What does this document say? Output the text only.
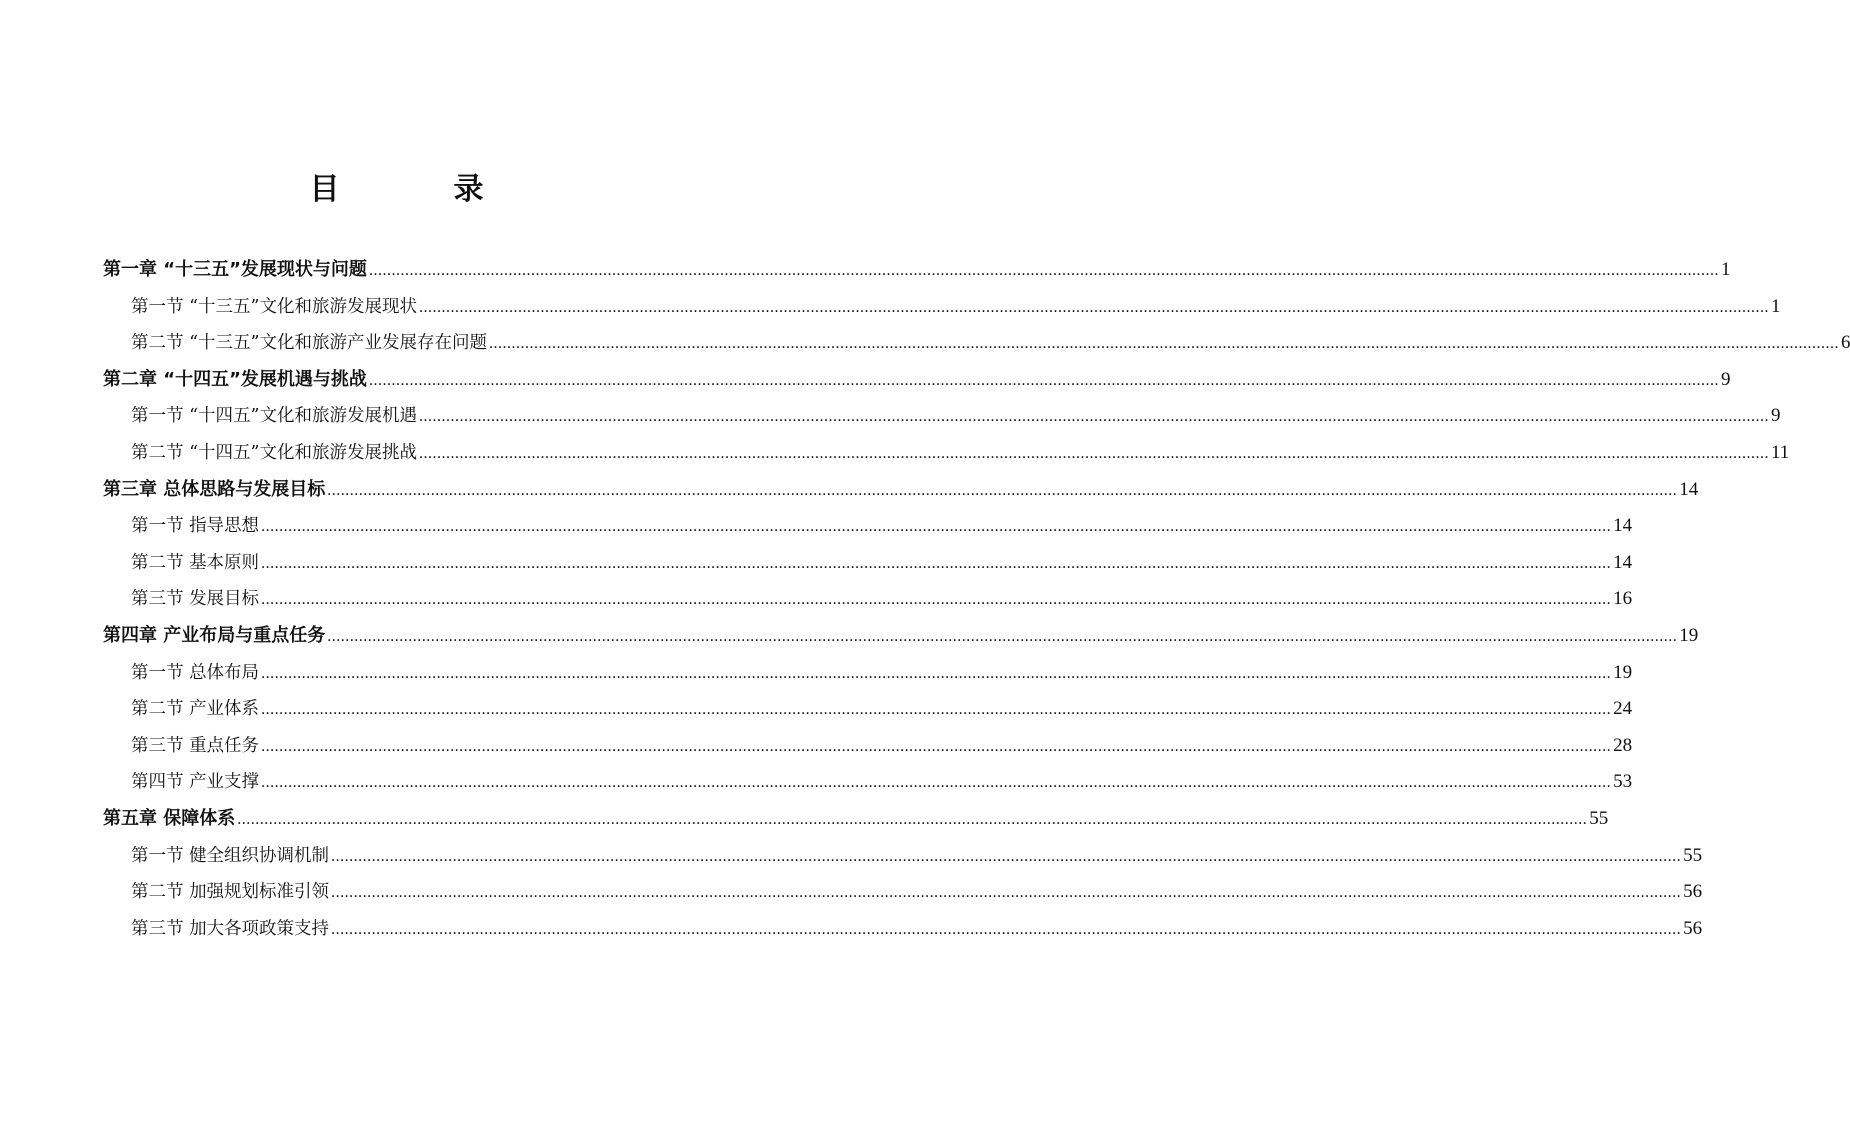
目　录
第一章 “十三五”发展现状与问题 ............................................................................................................................................................................................................................................................................................................ 1
第一节 “十三五”文化和旅游发展现状 ............................................................................................................................................................................................................................................................................................................ 1
第二节 “十三五”文化和旅游产业发展存在问题 ............................................................................................................................................................................................................................................................................................................ 6
第二章 “十四五”发展机遇与挑战 ............................................................................................................................................................................................................................................................................................................ 9
第一节 “十四五”文化和旅游发展机遇 ............................................................................................................................................................................................................................................................................................................ 9
第二节 “十四五”文化和旅游发展挑战 ............................................................................................................................................................................................................................................................................................................ 11
第三章 总体思路与发展目标 ............................................................................................................................................................................................................................................................................................................ 14
第一节 指导思想 ............................................................................................................................................................................................................................................................................................................ 14
第二节 基本原则 ............................................................................................................................................................................................................................................................................................................ 14
第三节 发展目标 ............................................................................................................................................................................................................................................................................................................ 16
第四章 产业布局与重点任务 ............................................................................................................................................................................................................................................................................................................ 19
第一节 总体布局 ............................................................................................................................................................................................................................................................................................................ 19
第二节 产业体系 ............................................................................................................................................................................................................................................................................................................ 24
第三节 重点任务 ............................................................................................................................................................................................................................................................................................................ 28
第四节 产业支撑 ............................................................................................................................................................................................................................................................................................................ 53
第五章 保障体系 ............................................................................................................................................................................................................................................................................................................ 55
第一节 健全组织协调机制 ............................................................................................................................................................................................................................................................................................................ 55
第二节 加强规划标准引领 ............................................................................................................................................................................................................................................................................................................ 56
第三节 加大各项政策支持 ............................................................................................................................................................................................................................................................................................................ 56
